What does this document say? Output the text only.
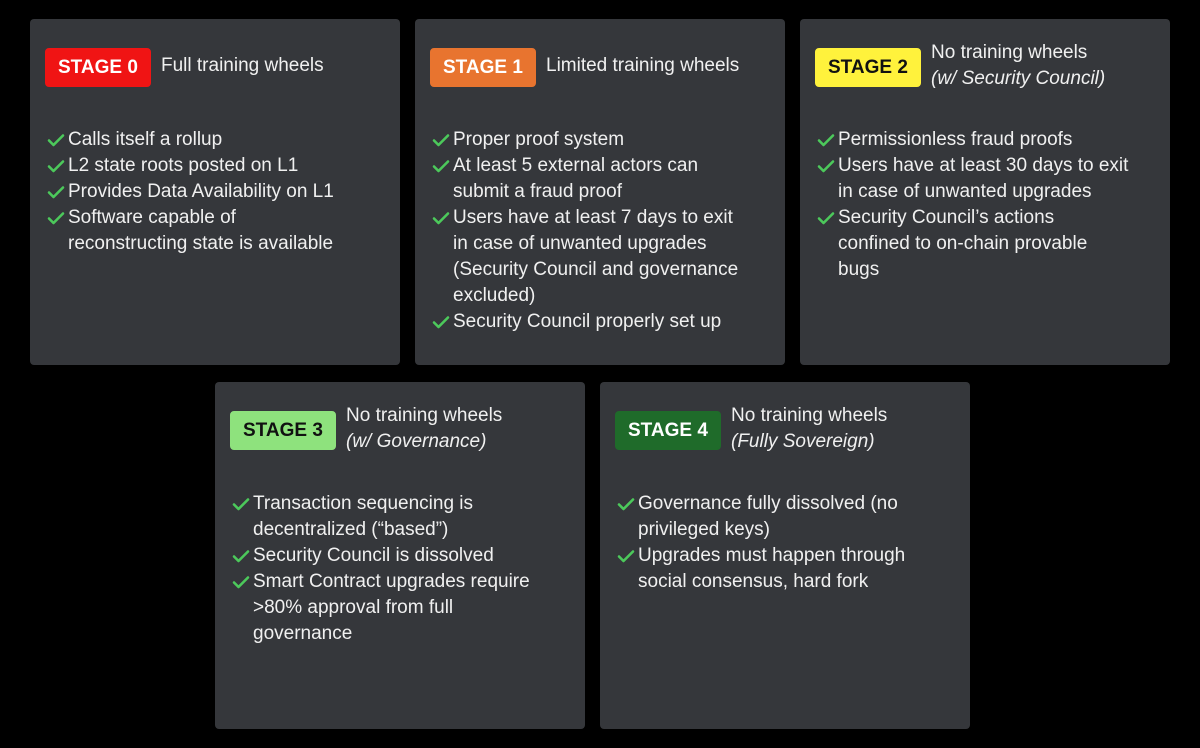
STAGE 0	Full training wheels
Calls itself a rollup
L2 state roots posted on L1
Provides Data Availability on L1
Software capable of
reconstructing state is available
STAGE 1	Limited training wheels
Proper proof system
At least 5 external actors can
submit a fraud proof
Users have at least 7 days to exit
in case of unwanted upgrades
(Security Council and governance
excluded)
Security Council properly set up
STAGE 2
No training wheels
(w/ Security Council)
Permissionless fraud proofs
Users have at least 30 days to exit
in case of unwanted upgrades
Security Council’s actions
confined to on-chain provable
bugs
STAGE 3
No training wheels
(w/ Governance)
Transaction sequencing is
decentralized (“based”)
Security Council is dissolved
Smart Contract upgrades require
>80% approval from full
governance
STAGE 4
No training wheels
(Fully Sovereign)
Governance fully dissolved (no
privileged keys)
Upgrades must happen through
social consensus, hard fork
